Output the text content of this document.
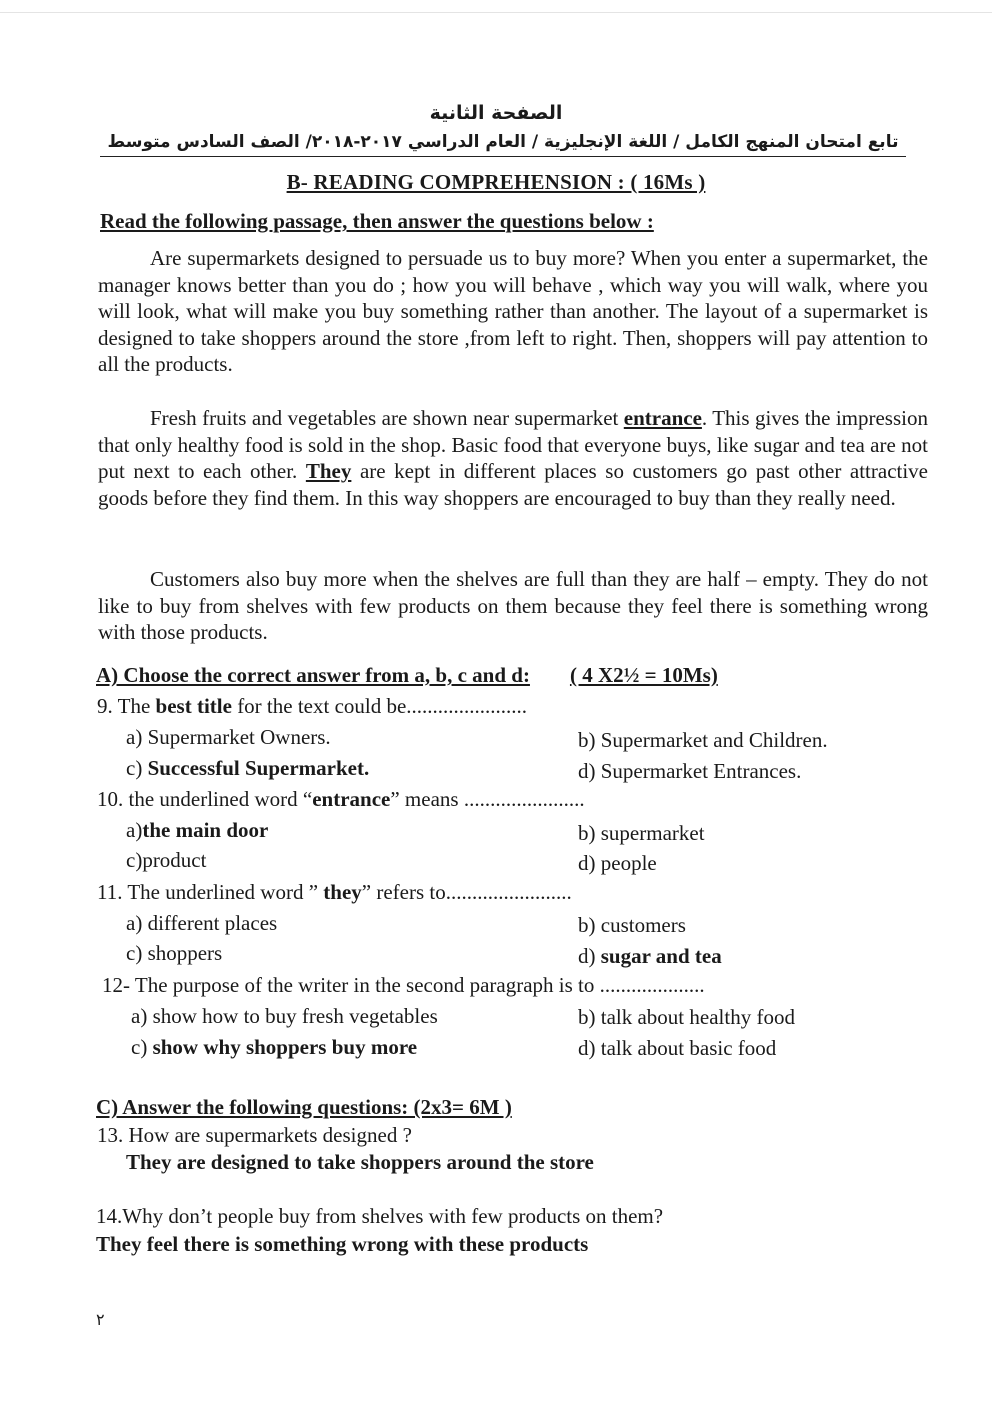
الصفحة الثانية
تابع امتحان المنهج الكامل / اللغة الإنجليزية / العام الدراسي ٢٠١٧-٢٠١٨/ الصف السادس متوسط
B- READING COMPREHENSION : ( 16Ms )
Read the following passage, then answer the questions below :

Are supermarkets designed to persuade us to buy more? When you enter a supermarket, the manager knows better than you do ; how you will behave , which way you will walk, where you will look, what will make you buy something rather than another. The layout of a supermarket is designed to take shoppers around the store ,from left to right. Then, shoppers will pay attention to all the products.

Fresh fruits and vegetables are shown near supermarket entrance. This gives the impression that only healthy food is sold in the shop. Basic food that everyone buys, like sugar and tea are not put next to each other. They are kept in different places so customers go past other attractive goods before they find them. In this way shoppers are encouraged to buy than they really need.

Customers also buy more when the shelves are full than they are half – empty. They do not like to buy from shelves with few products on them because they feel there is something wrong with those products.

A) Choose the correct answer from a, b, c and d: ( 4 X2½ = 10Ms)
9. The best title for the text could be.......................
a) Supermarket Owners.	b) Supermarket and Children.
c) Successful Supermarket.	d) Supermarket Entrances.
10. the underlined word “entrance” means .......................
a)the main door	b) supermarket
c)product	d) people
11. The underlined word ” they” refers to........................
a) different places	b) customers
c) shoppers	d) sugar and tea
12- The purpose of the writer in the second paragraph is to ....................
a) show how to buy fresh vegetables	b) talk about healthy food
c) show why shoppers buy more	d) talk about basic food
C) Answer the following questions: (2x3= 6M )
13. How are supermarkets designed ?
They are designed to take shoppers around the store
14.Why don’t people buy from shelves with few products on them?
They feel there is something wrong with these products
٢
